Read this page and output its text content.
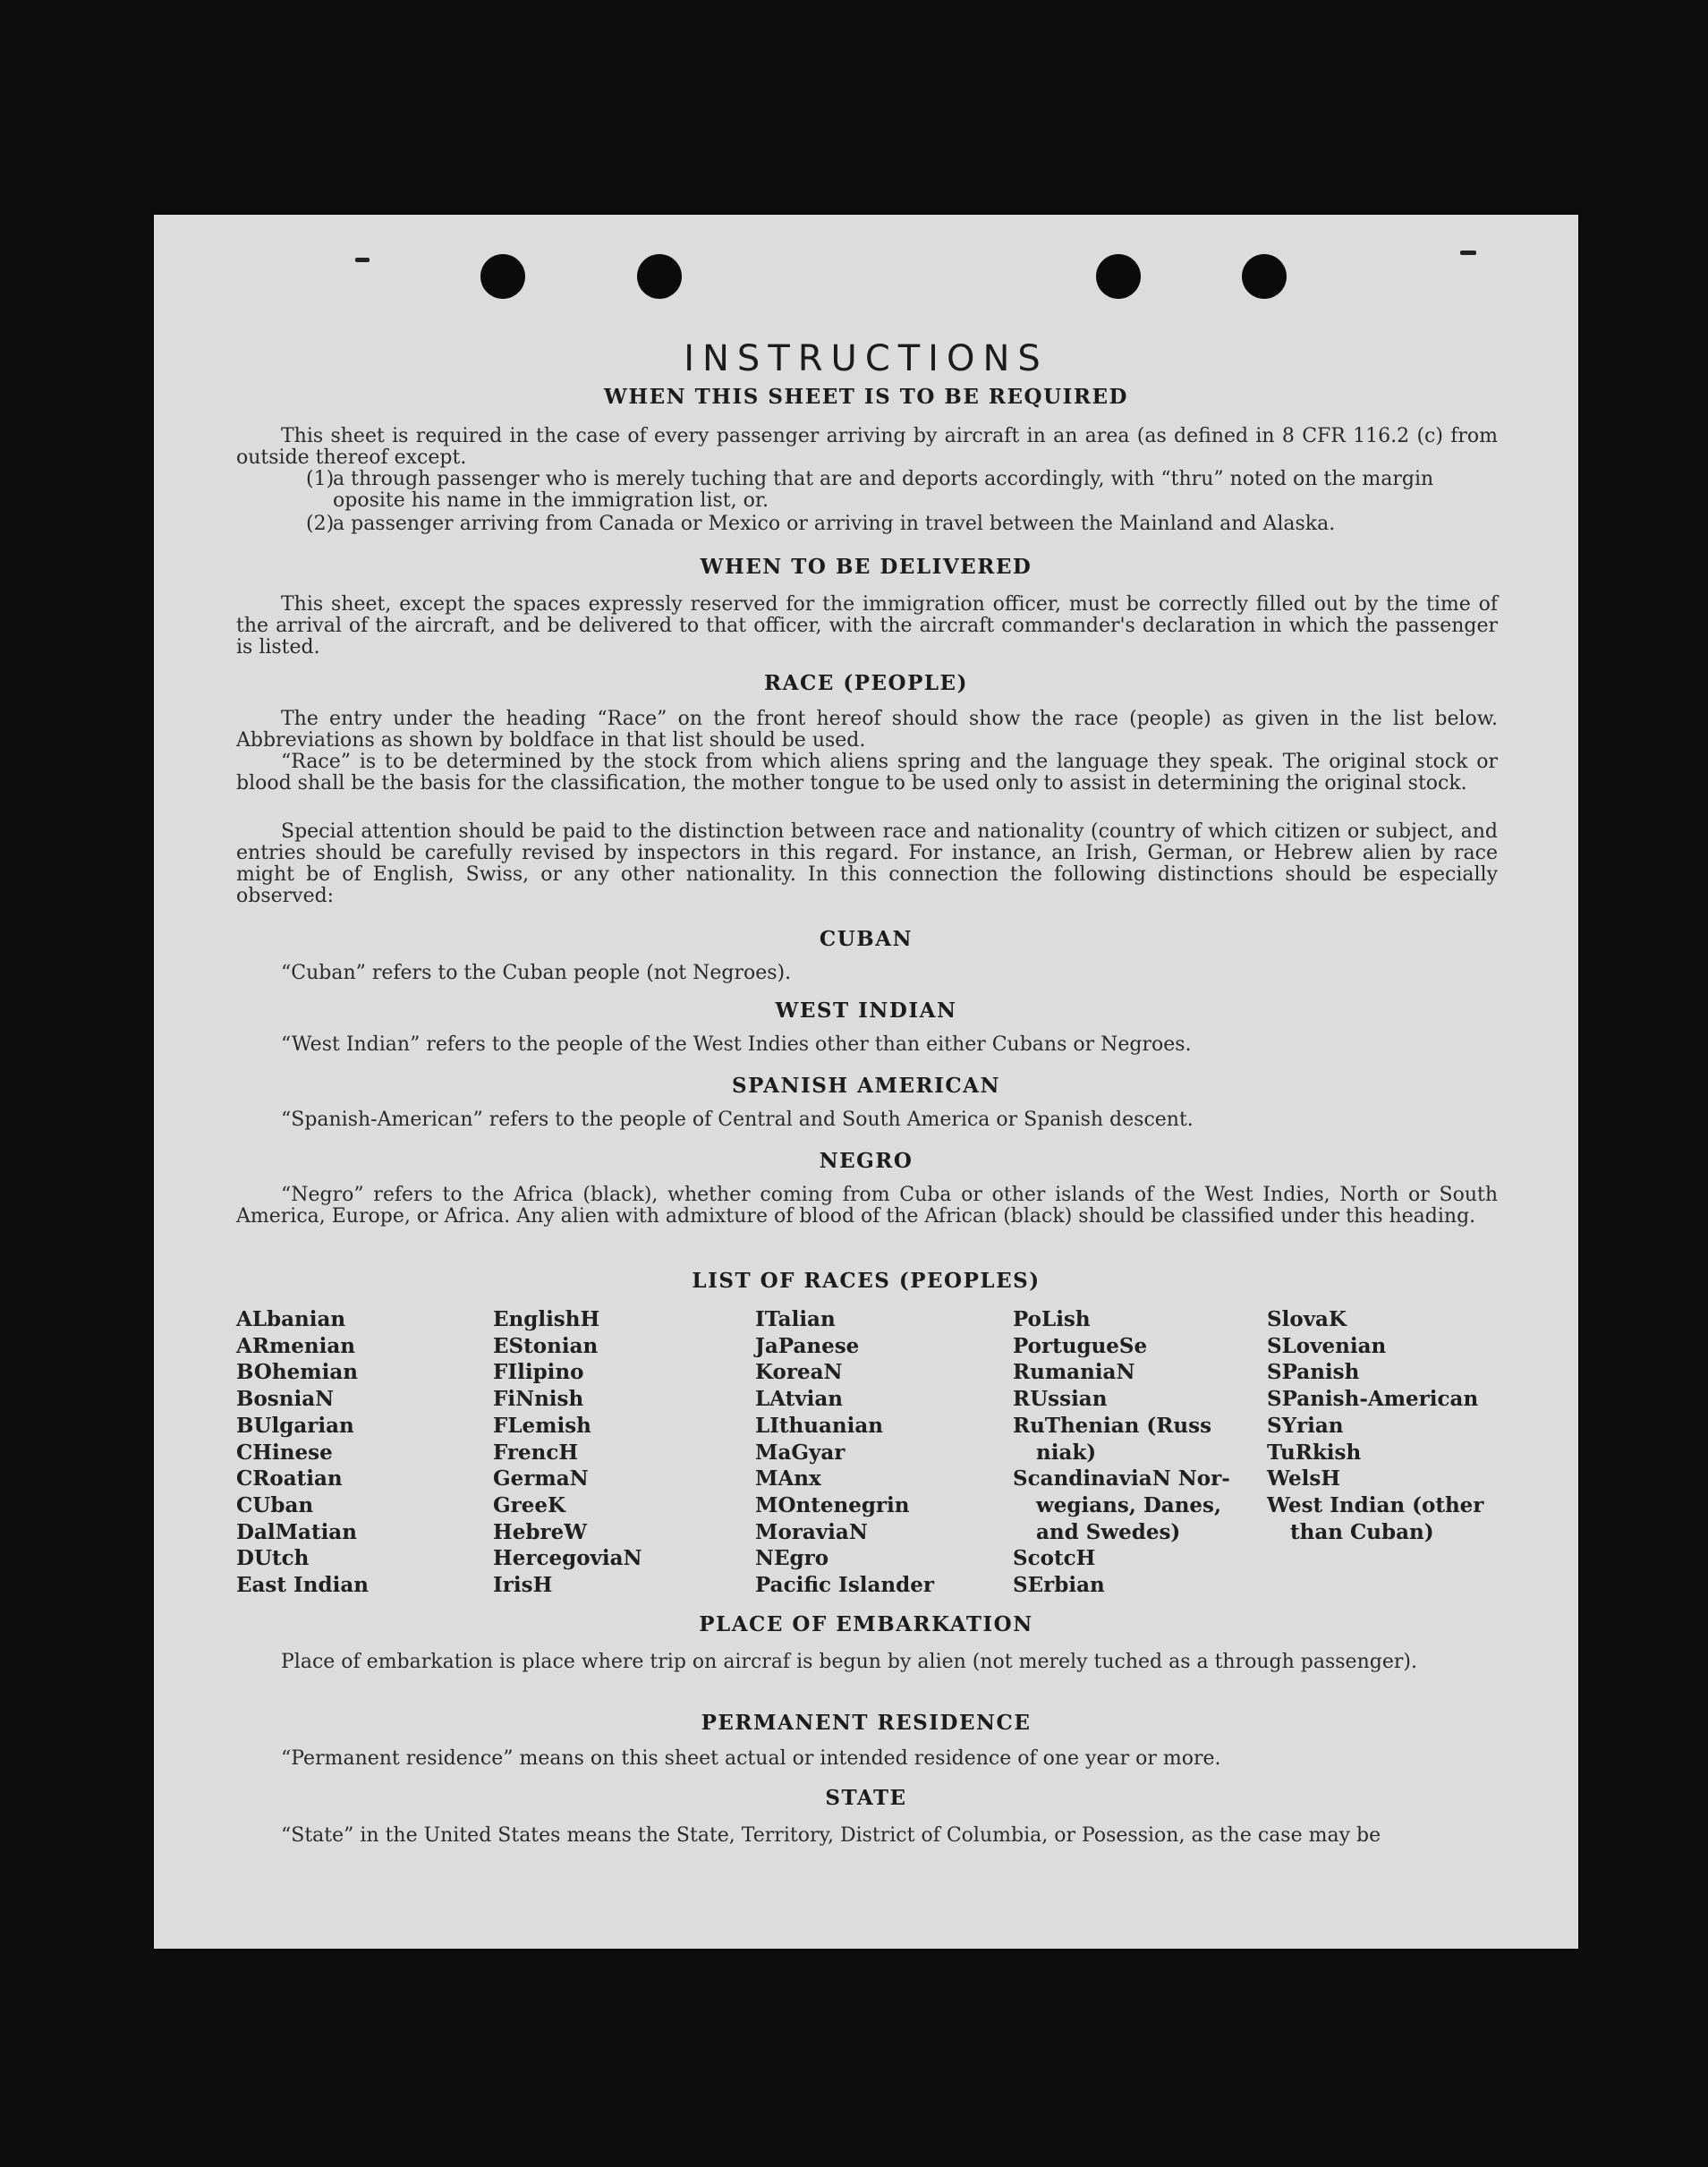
INSTRUCTIONS
WHEN THIS SHEET IS TO BE REQUIRED
This sheet is required in the case of every passenger arriving by aircraft in an area (as defined in 8 CFR 116.2 (c) from outside thereof except.
(1)
a through passenger who is merely tuching that are and deports accordingly, with “thru” noted on the margin oposite his name in the immigration list, or.
(2)
a passenger arriving from Canada or Mexico or arriving in travel between the Mainland and Alaska.
WHEN TO BE DELIVERED
This sheet, except the spaces expressly reserved for the immigration officer, must be correctly filled out by the time of the arrival of the aircraft, and be delivered to that officer, with the aircraft commander's declaration in which the passenger is listed.
RACE (PEOPLE)
The entry under the heading “Race” on the front hereof should show the race (people) as given in the list below. Abbreviations as shown by boldface in that list should be used.
“Race” is to be determined by the stock from which aliens spring and the language they speak. The original stock or blood shall be the basis for the classification, the mother tongue to be used only to assist in determining the original stock.
Special attention should be paid to the distinction between race and nationality (country of which citizen or subject, and entries should be carefully revised by inspectors in this regard. For instance, an Irish, German, or Hebrew alien by race might be of English, Swiss, or any other nationality. In this connection the following distinctions should be especially observed:
CUBAN
“Cuban” refers to the Cuban people (not Negroes).
WEST INDIAN
“West Indian” refers to the people of the West Indies other than either Cubans or Negroes.
SPANISH AMERICAN
“Spanish-American” refers to the people of Central and South America or Spanish descent.
NEGRO
“Negro” refers to the Africa (black), whether coming from Cuba or other islands of the West Indies, North or South America, Europe, or Africa. Any alien with admixture of blood of the African (black) should be classified under this heading.
LIST OF RACES (PEOPLES)
ALbanian
ARmenian
BOhemian
BosniaN
BUlgarian
CHinese
CRoatian
CUban
DalMatian
DUtch
East Indian
EnglishH
EStonian
FIlipino
FiNnish
FLemish
FrencH
GermaN
GreeK
HebreW
HercegoviaN
IrisH
ITalian
JaPanese
KoreaN
LAtvian
LIthuanian
MaGyar
MAnx
MOntenegrin
MoraviaN
NEgro
Pacific Islander
PoLish
PortugueSe
RumaniaN
RUssian
RuThenian (Russ
niak)
ScandinaviaN Nor-
wegians, Danes,
and Swedes)
ScotcH
SErbian
SlovaK
SLovenian
SPanish
SPanish-American
SYrian
TuRkish
WelsH
West Indian (other
than Cuban)
PLACE OF EMBARKATION
Place of embarkation is place where trip on aircraf is begun by alien (not merely tuched as a through passenger).
PERMANENT RESIDENCE
“Permanent residence” means on this sheet actual or intended residence of one year or more.
STATE
“State” in the United States means the State, Territory, District of Columbia, or Posession, as the case may be
